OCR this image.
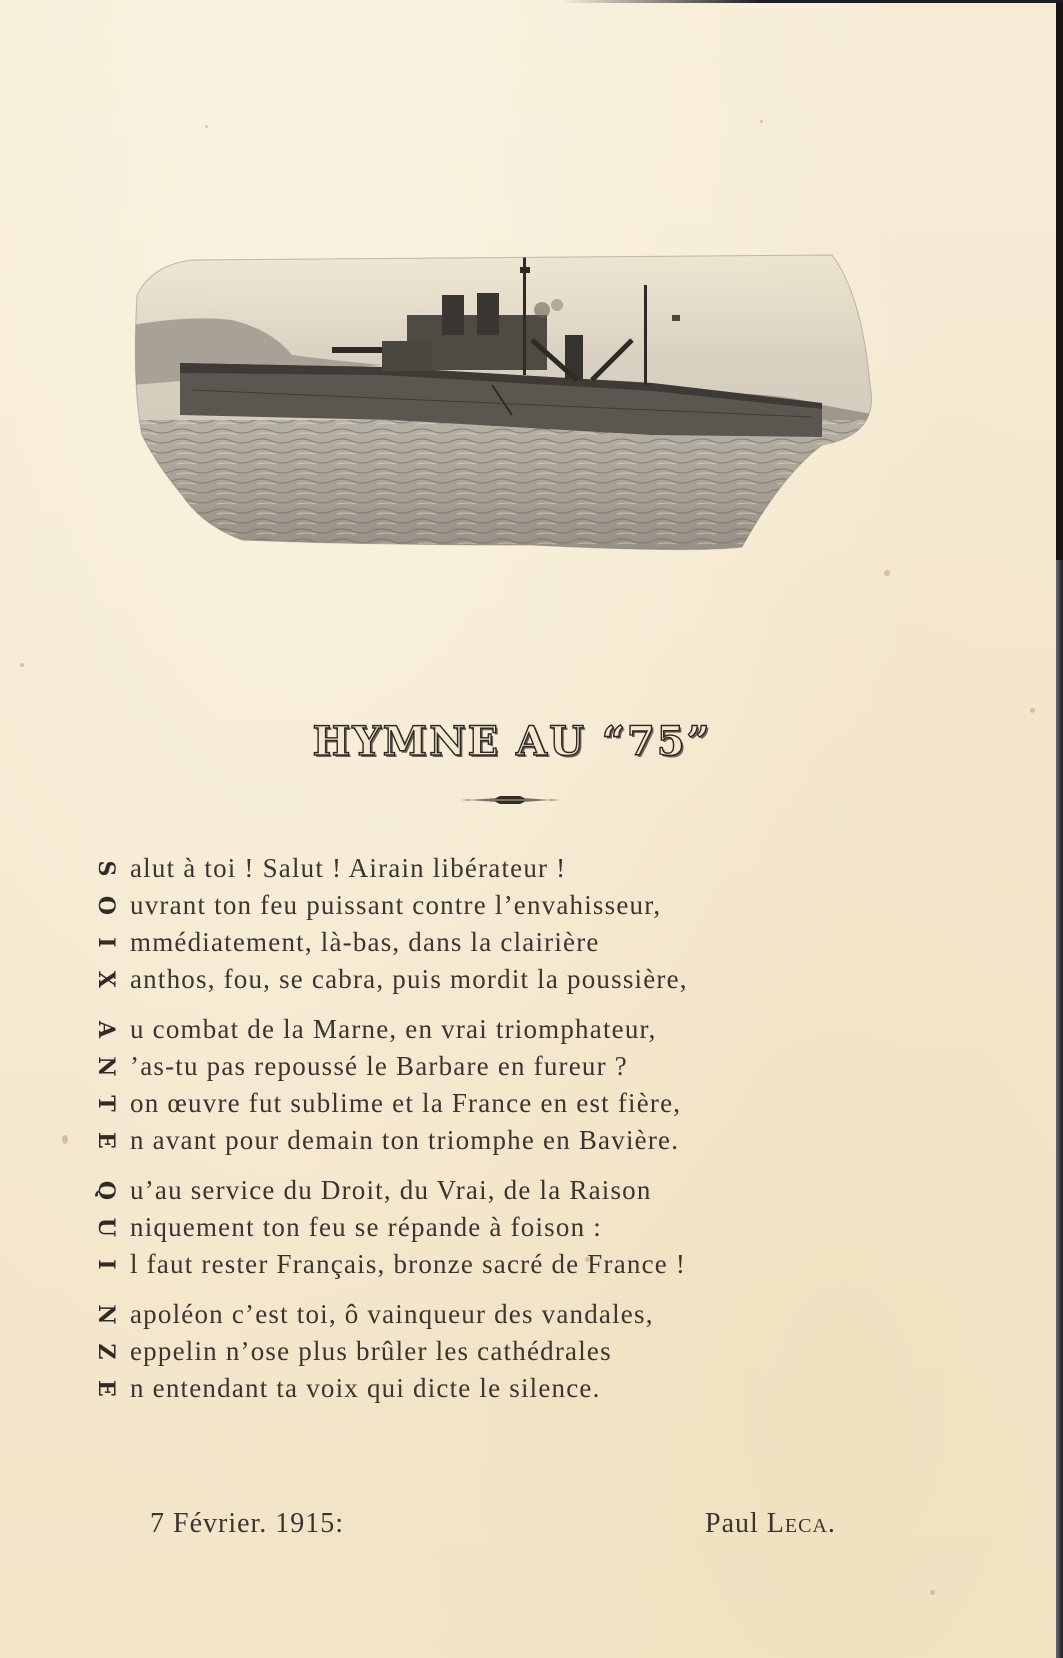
HYMNE AU “75”
S alut à toi ! Salut ! Airain libérateur !
O uvrant ton feu puissant contre l’envahisseur,
I mmédiatement, là-bas, dans la clairière
X anthos, fou, se cabra, puis mordit la poussière,
A u combat de la Marne, en vrai triomphateur,
N ’as-tu pas repoussé le Barbare en fureur ?
T on œuvre fut sublime et la France en est fière,
E n avant pour demain ton triomphe en Bavière.
Q u’au service du Droit, du Vrai, de la Raison
U niquement ton feu se répande à foison :
I l faut rester Français, bronze sacré de France !
N apoléon c’est toi, ô vainqueur des vandales,
Z eppelin n’ose plus brûler les cathédrales
E n entendant ta voix qui dicte le silence.
7 Février. 1915:	Paul Leca.
